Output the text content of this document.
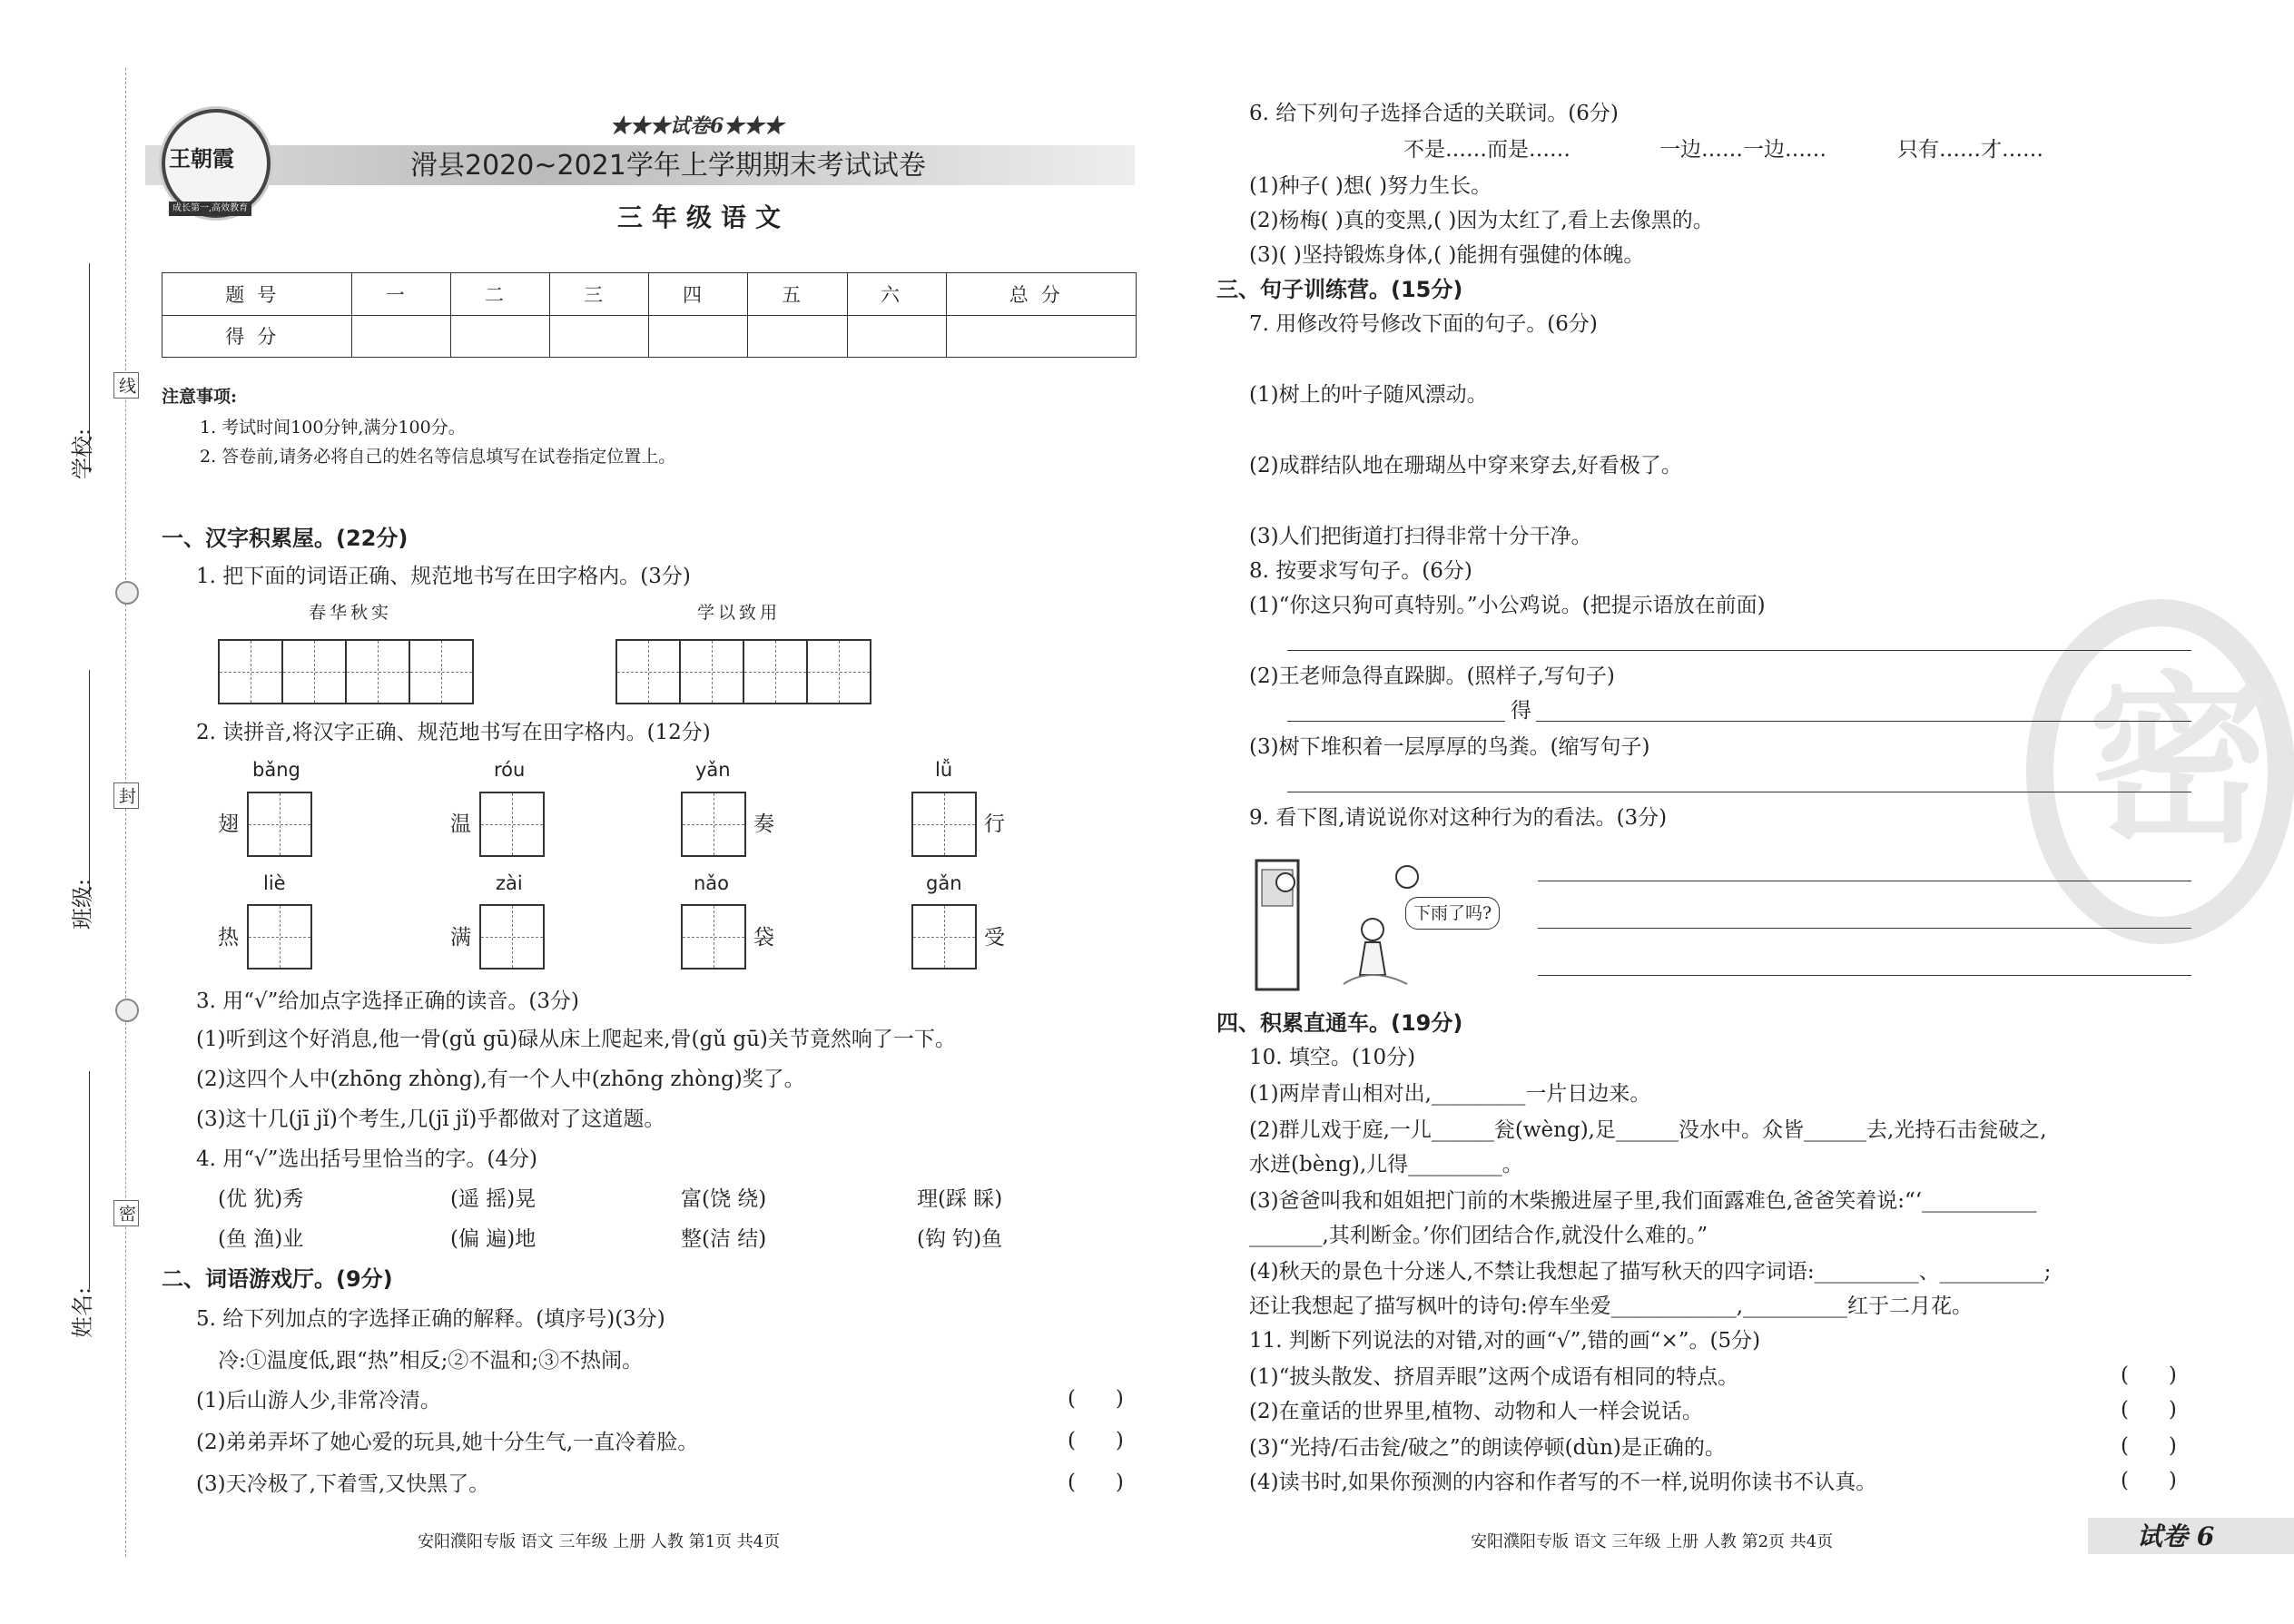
学校:
班级:
姓名:
线
封
密
王朝霞
成长第一,高效教育
★★★试卷6★★★
滑县2020~2021学年上学期期末考试试卷
三年级语文
题号	一	二	三	四	五	六	总分
得分							
注意事项:
1. 考试时间100分钟,满分100分。
2. 答卷前,请务必将自己的姓名等信息填写在试卷指定位置上。
一、汉字积累屋。(22分)
1. 把下面的词语正确、规范地书写在田字格内。(3分)
春华秋实	学以致用
2. 读拼音,将汉字正确、规范地书写在田字格内。(12分)
bǎng	róu	yǎn	lǚ
翅	温	奏	行
liè	zài	nǎo	gǎn
热	满	袋	受
3. 用“√”给加点字选择正确的读音。(3分)
(1)听到这个好消息,他一骨(gǔ gū)碌从床上爬起来,骨(gǔ gū)关节竟然响了一下。
(2)这四个人中(zhōng zhòng),有一个人中(zhōng zhòng)奖了。
(3)这十几(jī jǐ)个考生,几(jī jǐ)乎都做对了这道题。
4. 用“√”选出括号里恰当的字。(4分)
(优 犹)秀	(遥 摇)晃	富(饶 绕)	理(踩 睬)
(鱼 渔)业	(偏 遍)地	整(洁 结)	(钩 钓)鱼
二、词语游戏厅。(9分)
5. 给下列加点的字选择正确的解释。(填序号)(3分)
冷:①温度低,跟“热”相反;②不温和;③不热闹。
(1)后山游人少,非常冷清。	(      )
(2)弟弟弄坏了她心爱的玩具,她十分生气,一直冷着脸。	(      )
(3)天冷极了,下着雪,又快黑了。	(      )
安阳濮阳专版 语文 三年级 上册 人教 第1页 共4页
密
6. 给下列句子选择合适的关联词。(6分)
不是……而是……	一边……一边……	只有……才……
(1)种子( )想( )努力生长。
(2)杨梅( )真的变黑,( )因为太红了,看上去像黑的。
(3)( )坚持锻炼身体,( )能拥有强健的体魄。
三、句子训练营。(15分)
7. 用修改符号修改下面的句子。(6分)
(1)树上的叶子随风漂动。
(2)成群结队地在珊瑚丛中穿来穿去,好看极了。
(3)人们把街道打扫得非常十分干净。
8. 按要求写句子。(6分)
(1)“你这只狗可真特别。”小公鸡说。(把提示语放在前面)
(2)王老师急得直跺脚。(照样子,写句子)
得
(3)树下堆积着一层厚厚的鸟粪。(缩写句子)
9. 看下图,请说说你对这种行为的看法。(3分)
下雨了吗?
四、积累直通车。(19分)
10. 填空。(10分)
(1)两岸青山相对出,_________一片日边来。
(2)群儿戏于庭,一儿______瓮(wèng),足______没水中。众皆______去,光持石击瓮破之,
水迸(bèng),儿得_________。
(3)爸爸叫我和姐姐把门前的木柴搬进屋子里,我们面露难色,爸爸笑着说:“‘___________
_______,其利断金。’你们团结合作,就没什么难的。”
(4)秋天的景色十分迷人,不禁让我想起了描写秋天的四字词语:__________、__________;
还让我想起了描写枫叶的诗句:停车坐爱____________,__________红于二月花。
11. 判断下列说法的对错,对的画“√”,错的画“×”。(5分)
(1)“披头散发、挤眉弄眼”这两个成语有相同的特点。	(      )
(2)在童话的世界里,植物、动物和人一样会说话。	(      )
(3)“光持/石击瓮/破之”的朗读停顿(dùn)是正确的。	(      )
(4)读书时,如果你预测的内容和作者写的不一样,说明你读书不认真。	(      )
安阳濮阳专版 语文 三年级 上册 人教 第2页 共4页	试卷 6
